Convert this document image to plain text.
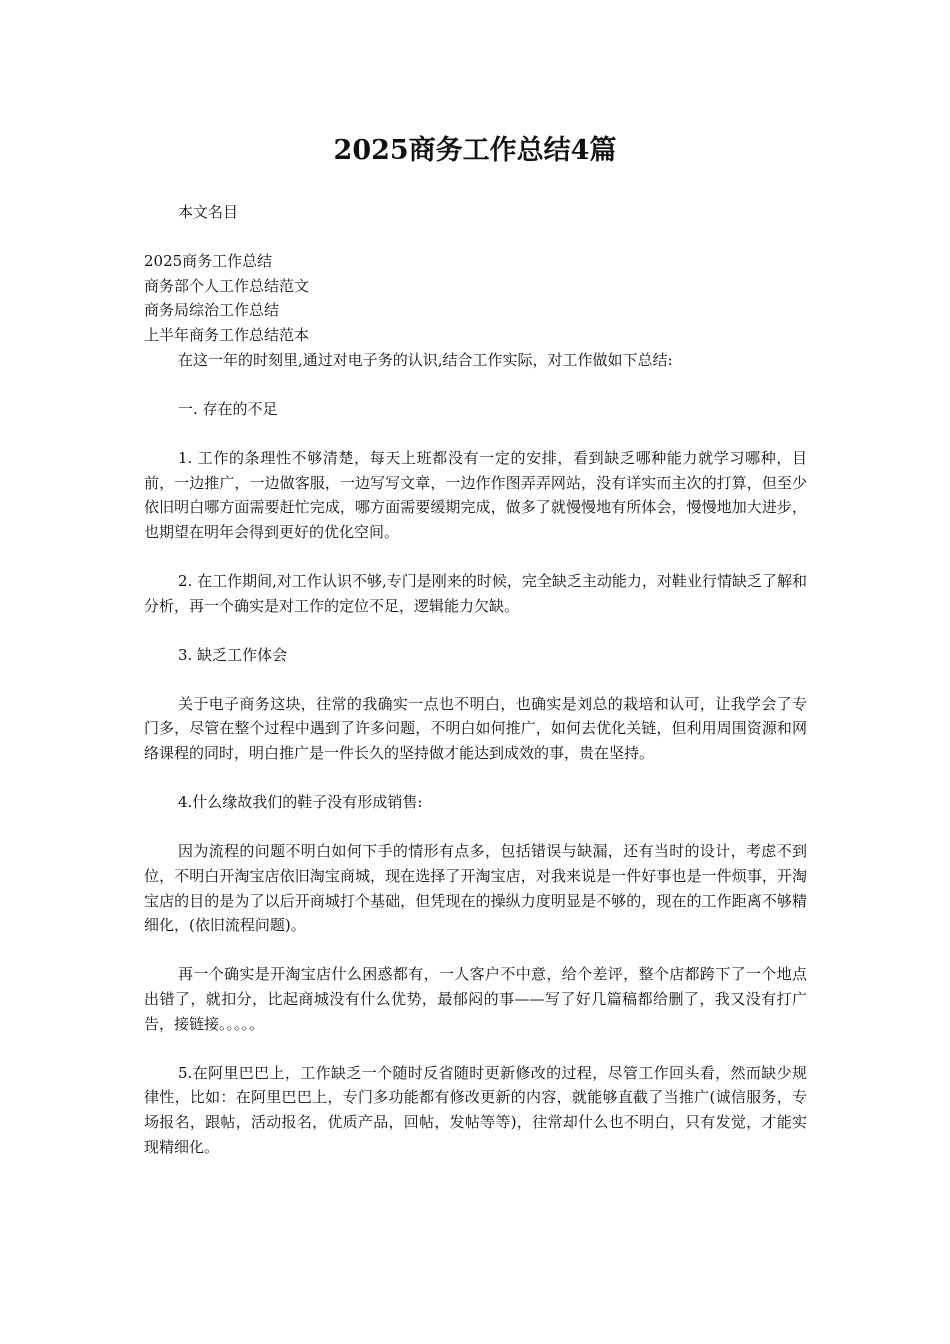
2025商务工作总结4篇

本文名目

2025商务工作总结

商务部个人工作总结范文

商务局综治工作总结

上半年商务工作总结范本

在这一年的时刻里,通过对电子务的认识,结合工作实际，对工作做如下总结:

一. 存在的不足

1. 工作的条理性不够清楚，每天上班都没有一定的安排，看到缺乏哪种能力就学习哪种，目前，一边推广，一边做客服，一边写写文章，一边作作图弄弄网站，没有详实而主次的打算，但至少依旧明白哪方面需要赶忙完成，哪方面需要缓期完成，做多了就慢慢地有所体会，慢慢地加大进步，也期望在明年会得到更好的优化空间。

2. 在工作期间,对工作认识不够,专门是刚来的时候，完全缺乏主动能力，对鞋业行情缺乏了解和分析，再一个确实是对工作的定位不足，逻辑能力欠缺。

3. 缺乏工作体会

关于电子商务这块，往常的我确实一点也不明白，也确实是刘总的栽培和认可，让我学会了专门多，尽管在整个过程中遇到了许多问题，不明白如何推广，如何去优化关链，但利用周围资源和网络课程的同时，明白推广是一件长久的坚持做才能达到成效的事，贵在坚持。

4.什么缘故我们的鞋子没有形成销售:

因为流程的问题不明白如何下手的情形有点多，包括错误与缺漏，还有当时的设计，考虑不到位，不明白开淘宝店依旧淘宝商城，现在选择了开淘宝店，对我来说是一件好事也是一件烦事，开淘宝店的目的是为了以后开商城打个基础，但凭现在的操纵力度明显是不够的，现在的工作距离不够精细化，(依旧流程问题)。

再一个确实是开淘宝店什么困惑都有，一人客户不中意，给个差评，整个店都跨下了一个地点出错了，就扣分，比起商城没有什么优势，最郁闷的事——写了好几篇稿都给删了，我又没有打广告，接链接。。。。。

5.在阿里巴巴上，工作缺乏一个随时反省随时更新修改的过程，尽管工作回头看，然而缺少规律性，比如：在阿里巴巴上，专门多功能都有修改更新的内容，就能够直截了当推广(诚信服务，专场报名，跟帖，活动报名，优质产品，回帖，发帖等等)，往常却什么也不明白，只有发觉，才能实现精细化。
